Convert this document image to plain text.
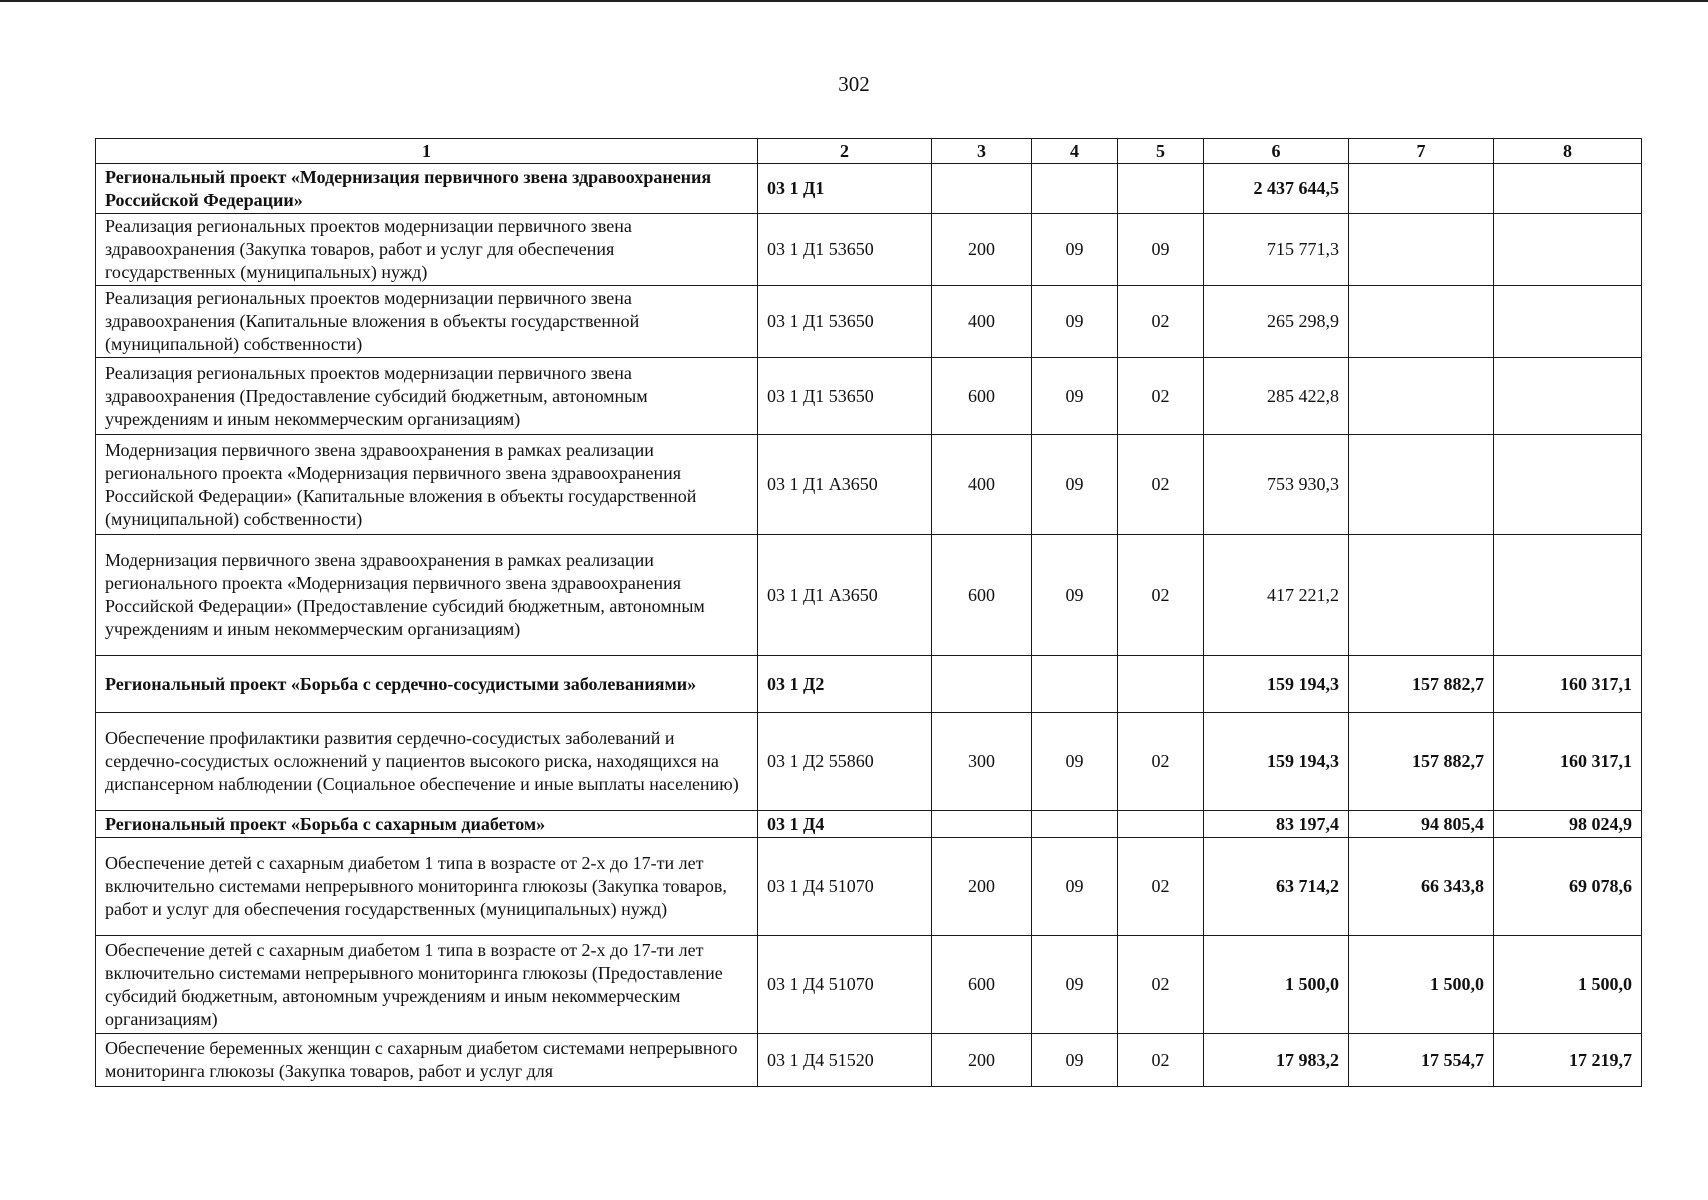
302
1	2	3	4	5	6	7	8
Региональный проект «Модернизация первичного звена здравоохранения Российской Федерации»	03 1 Д1				2 437 644,5		
Реализация региональных проектов модернизации первичного звена здравоохранения (Закупка товаров, работ и услуг для обеспечения государственных (муниципальных) нужд)	03 1 Д1 53650	200	09	09	715 771,3		
Реализация региональных проектов модернизации первичного звена здравоохранения (Капитальные вложения в объекты государственной (муниципальной) собственности)	03 1 Д1 53650	400	09	02	265 298,9		
Реализация региональных проектов модернизации первичного звена здравоохранения (Предоставление субсидий бюджетным, автономным учреждениям и иным некоммерческим организациям)	03 1 Д1 53650	600	09	02	285 422,8		
Модернизация первичного звена здравоохранения в рамках реализации регионального проекта «Модернизация первичного звена здравоохранения Российской Федерации» (Капитальные вложения в объекты государственной (муниципальной) собственности)	03 1 Д1 А3650	400	09	02	753 930,3		
Модернизация первичного звена здравоохранения в рамках реализации регионального проекта «Модернизация первичного звена здравоохранения Российской Федерации» (Предоставление субсидий бюджетным, автономным учреждениям и иным некоммерческим организациям)	03 1 Д1 А3650	600	09	02	417 221,2		
Региональный проект «Борьба с сердечно-сосудистыми заболеваниями»	03 1 Д2				159 194,3	157 882,7	160 317,1
Обеспечение профилактики развития сердечно-сосудистых заболеваний и сердечно-сосудистых осложнений у пациентов высокого риска, находящихся на диспансерном наблюдении (Социальное обеспечение и иные выплаты населению)	03 1 Д2 55860	300	09	02	159 194,3	157 882,7	160 317,1
Региональный проект «Борьба с сахарным диабетом»	03 1 Д4				83 197,4	94 805,4	98 024,9
Обеспечение детей с сахарным диабетом 1 типа в возрасте от 2-х до 17-ти лет включительно системами непрерывного мониторинга глюкозы (Закупка товаров, работ и услуг для обеспечения государственных (муниципальных) нужд)	03 1 Д4 51070	200	09	02	63 714,2	66 343,8	69 078,6
Обеспечение детей с сахарным диабетом 1 типа в возрасте от 2-х до 17-ти лет включительно системами непрерывного мониторинга глюкозы (Предоставление субсидий бюджетным, автономным учреждениям и иным некоммерческим организациям)	03 1 Д4 51070	600	09	02	1 500,0	1 500,0	1 500,0
Обеспечение беременных женщин с сахарным диабетом системами непрерывного мониторинга глюкозы (Закупка товаров, работ и услуг для	03 1 Д4 51520	200	09	02	17 983,2	17 554,7	17 219,7
